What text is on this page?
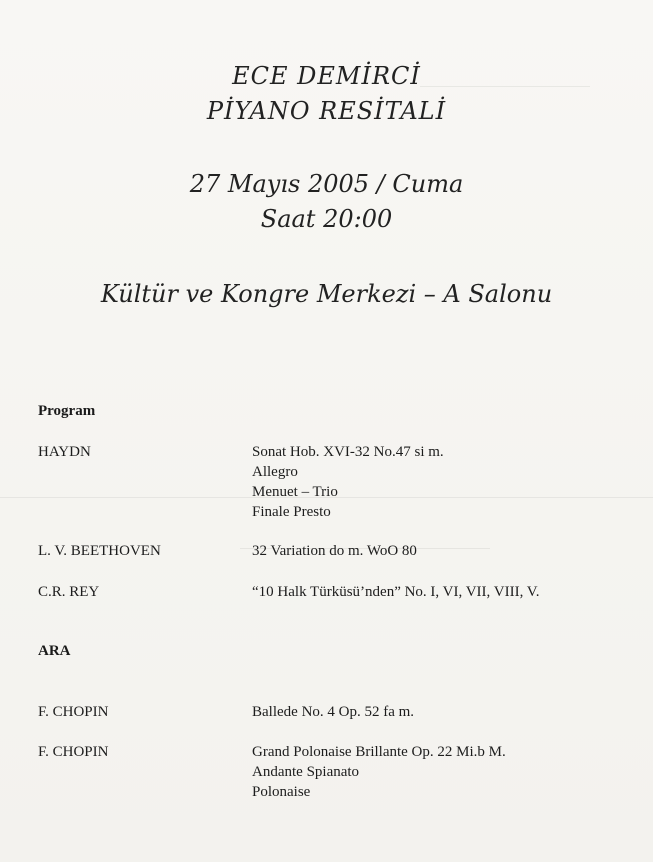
ECE DEMİRCİ
PİYANO RESİTALİ
27 Mayıs 2005 / Cuma
Saat 20:00
Kültür ve Kongre Merkezi – A Salonu
Program
HAYDN	Sonat Hob. XVI-32 No.47 si m.
Allegro
Menuet – Trio
Finale Presto
L. V. BEETHOVEN	32 Variation do m. WoO 80
C.R. REY	“10 Halk Türküsü’nden” No. I, VI, VII, VIII, V.
ARA
F. CHOPIN	Ballede No. 4 Op. 52 fa m.
F. CHOPIN	Grand Polonaise Brillante Op. 22 Mi.b M.
Andante Spianato
Polonaise
